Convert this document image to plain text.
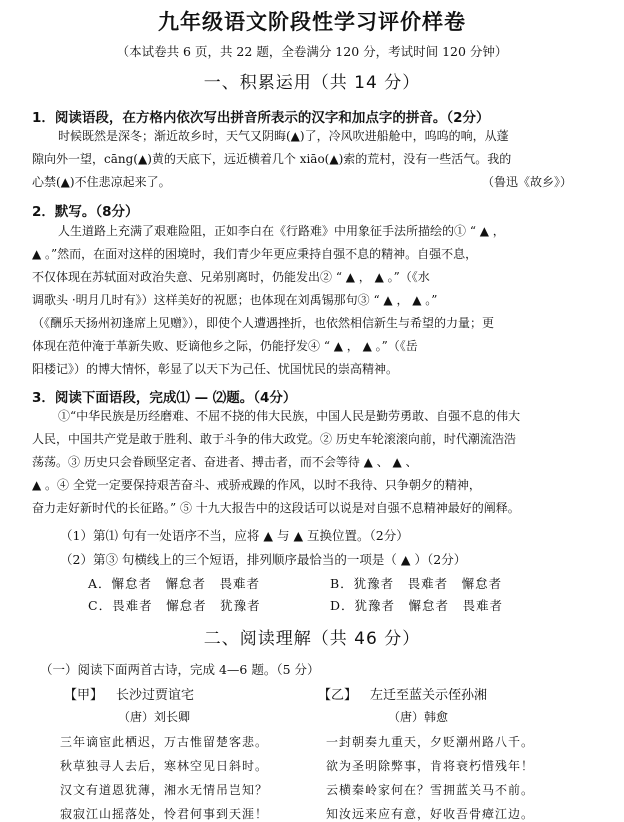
九年级语文阶段性学习评价样卷
（本试卷共 6 页，共 22 题，全卷满分 120 分，考试时间 120 分钟）
一、积累运用（共 14 分）
1．阅读语段，在方格内依次写出拼音所表示的汉字和加点字的拼音。（2分）

时候既然是深冬；渐近故乡时，天气又阴晦(▲)了，冷风吹进船舱中，呜呜的响，从蓬

隙向外一望，cāng(▲)黄的天底下，远近横着几个 xiāo(▲)索的荒村，没有一些活气。我的

心禁(▲)不住悲凉起来了。	（鲁迅《故乡》）
2．默写。（8分）

人生道路上充满了艰难险阻，正如李白在《行路难》中用象征手法所描绘的① “ ▲ ，

▲ 。”然而，在面对这样的困境时，我们青少年更应秉持自强不息的精神。自强不息，

不仅体现在苏轼面对政治失意、兄弟别离时，仍能发出② “ ▲ ， ▲ 。”（《水

调歌头 ·明月几时有》）这样美好的祝愿；也体现在刘禹锡那句③ “ ▲ ， ▲ 。”

（《酬乐天扬州初逢席上见赠》），即使个人遭遇挫折，也依然相信新生与希望的力量；更

体现在范仲淹于革新失败、贬谪他乡之际，仍能抒发④ “ ▲ ， ▲ 。”（《岳

阳楼记》）的博大情怀，彰显了以天下为己任、忧国忧民的崇高精神。

3．阅读下面语段，完成⑴ — ⑵题。（4分）

①“中华民族是历经磨难、不屈不挠的伟大民族，中国人民是勤劳勇敢、自强不息的伟大

人民，中国共产党是敢于胜利、敢于斗争的伟大政党。② 历史车轮滚滚向前，时代潮流浩浩

荡荡。③ 历史只会眷顾坚定者、奋进者、搏击者，而不会等待 ▲ 、 ▲ 、

▲ 。④ 全党一定要保持艰苦奋斗、戒骄戒躁的作风，以时不我待、只争朝夕的精神，

奋力走好新时代的长征路。” ⑤ 十九大报告中的这段话可以说是对自强不息精神最好的阐释。

（1）第⑴ 句有一处语序不当，应将 ▲ 与 ▲ 互换位置。（2分）
（2）第③ 句横线上的三个短语，排列顺序最恰当的一项是（ ▲ ）（2分）
A．懈怠者　懈怠者　畏难者	B．犹豫者　畏难者　懈怠者
C．畏难者　懈怠者　犹豫者	D．犹豫者　懈怠者　畏难者
二、阅读理解（共 46 分）
（一）阅读下面两首古诗，完成 4—6 题。（5 分）
【甲】 长沙过贾谊宅
（唐）刘长卿
三年谪宦此栖迟，万古惟留楚客悲。
秋草独寻人去后，寒林空见日斜时。
汉文有道恩犹薄，湘水无情吊岂知？
寂寂江山摇落处，怜君何事到天涯！
【乙】 左迁至蓝关示侄孙湘
（唐）韩愈
一封朝奏九重天，夕贬潮州路八千。
欲为圣明除弊事，肯将衰朽惜残年！
云横秦岭家何在？雪拥蓝关马不前。
知汝远来应有意，好收吾骨瘴江边。
